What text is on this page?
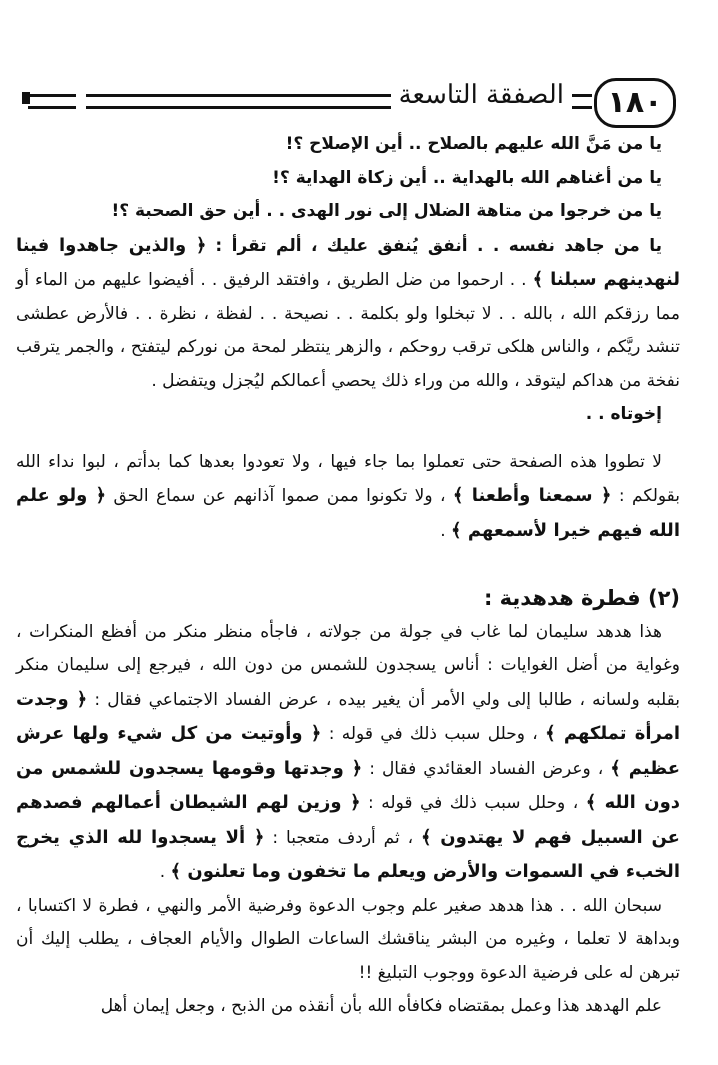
١٨٠
الصفقة التاسعة

يا من مَنَّ الله عليهم بالصلاح .. أين الإصلاح ؟!

يا من أغناهم الله بالهداية .. أين زكاة الهداية ؟!

يا من خرجوا من متاهة الضلال إلى نور الهدى . . أين حق الصحبة ؟!

يا من جاهد نفسه . . أنفق يُنفق عليك ، ألم تقرأ : ﴿ والذين جاهدوا فينا لنهدينهم سبلنا ﴾ . . ارحموا من ضل الطريق ، وافتقد الرفيق . . أفيضوا عليهم من الماء أو مما رزقكم الله ، بالله . . لا تبخلوا ولو بكلمة . . نصيحة . . لفظة ، نظرة . . فالأرض عطشى تنشد ريَّكم ، والناس هلكى ترقب روحكم ، والزهر ينتظر لمحة من نوركم ليتفتح ، والجمر يترقب نفخة من هداكم ليتوقد ، والله من وراء ذلك يحصي أعمالكم ليُجزل ويتفضل .

إخوتاه . .

لا تطووا هذه الصفحة حتى تعملوا بما جاء فيها ، ولا تعودوا بعدها كما بدأتم ، لبوا نداء الله بقولكم : ﴿ سمعنا وأطعنا ﴾ ، ولا تكونوا ممن صموا آذانهم عن سماع الحق ﴿ ولو علم الله فيهم خيرا لأسمعهم ﴾ .

(٢) فطرة هدهدية :

هذا هدهد سليمان لما غاب في جولة من جولاته ، فاجأه منظر منكر من أفظع المنكرات ، وغواية من أضل الغوايات : أناس يسجدون للشمس من دون الله ، فيرجع إلى سليمان منكر بقلبه ولسانه ، طالبا إلى ولي الأمر أن يغير بيده ، عرض الفساد الاجتماعي فقال : ﴿ وجدت امرأة تملكهم ﴾ ، وحلل سبب ذلك في قوله : ﴿ وأوتيت من كل شيء ولها عرش عظيم ﴾ ، وعرض الفساد العقائدي فقال : ﴿ وجدتها وقومها يسجدون للشمس من دون الله ﴾ ، وحلل سبب ذلك في قوله : ﴿ وزين لهم الشيطان أعمالهم فصدهم عن السبيل فهم لا يهتدون ﴾ ، ثم أردف متعجبا : ﴿ ألا يسجدوا لله الذي يخرج الخبء في السموات والأرض ويعلم ما تخفون وما تعلنون ﴾ .

سبحان الله . . هذا هدهد صغير علم وجوب الدعوة وفرضية الأمر والنهي ، فطرة لا اكتسابا ، وبداهة لا تعلما ، وغيره من البشر يناقشك الساعات الطوال والأيام العجاف ، يطلب إليك أن تبرهن له على فرضية الدعوة ووجوب التبليغ !!

علم الهدهد هذا وعمل بمقتضاه فكافأه الله بأن أنقذه من الذبح ، وجعل إيمان أهل
